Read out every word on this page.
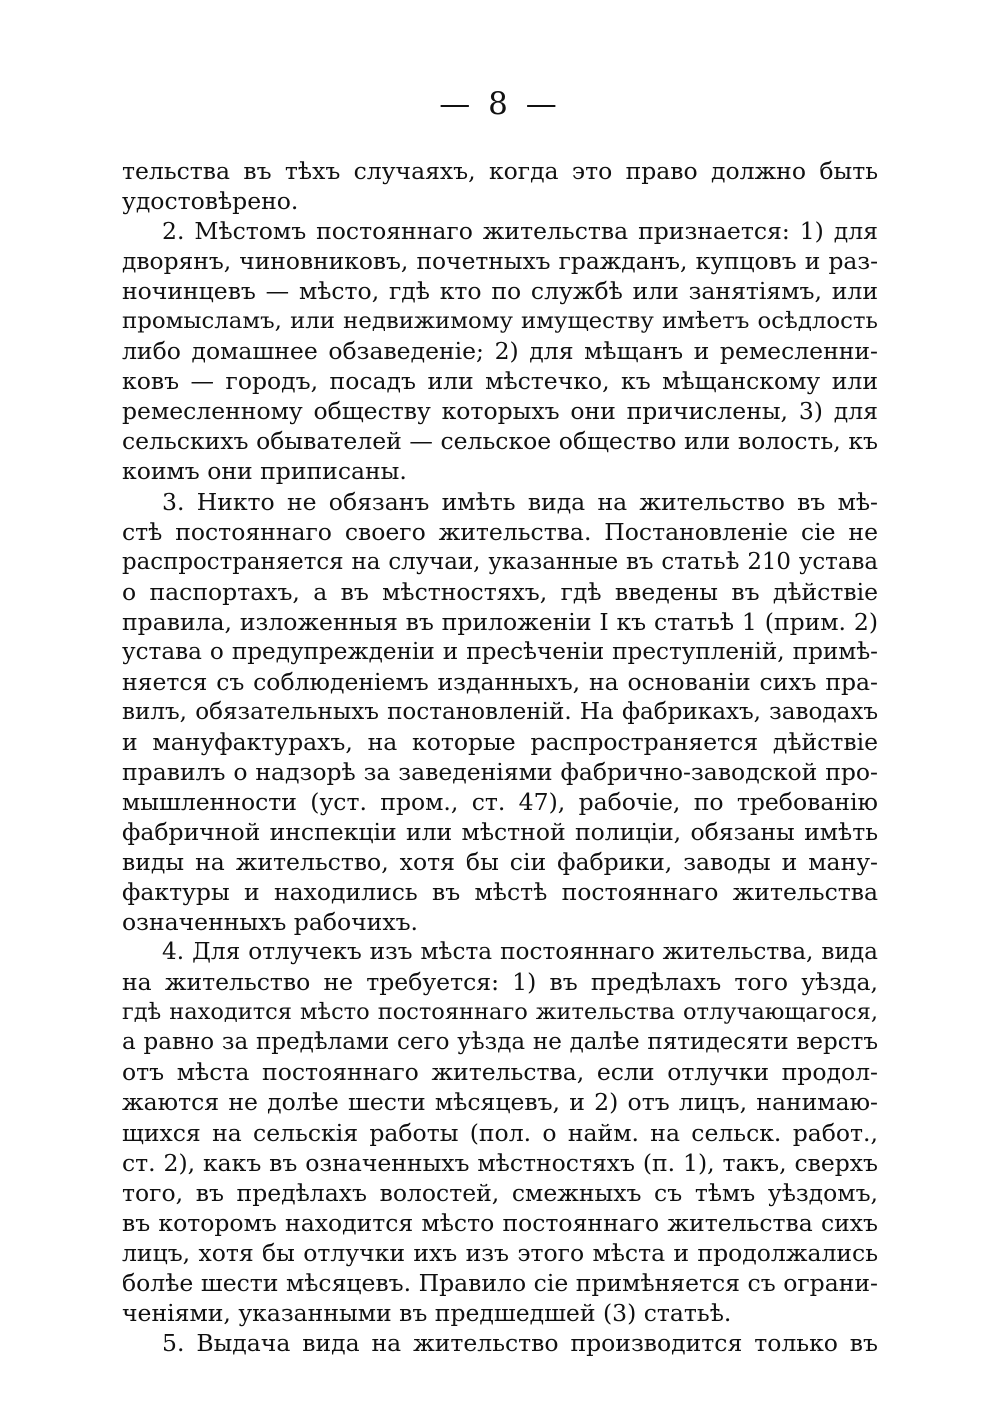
— 8 —
тельства въ тѣхъ случаяхъ, когда это право должно быть
удостовѣрено.
2. Мѣстомъ постояннаго жительства признается: 1) для
дворянъ, чиновниковъ, почетныхъ гражданъ, купцовъ и раз-
ночинцевъ — мѣсто, гдѣ кто по службѣ или занятіямъ, или
промысламъ, или недвижимому имуществу имѣетъ осѣдлость
либо домашнее обзаведеніе; 2) для мѣщанъ и ремесленни-
ковъ — городъ, посадъ или мѣстечко, къ мѣщанскому или
ремесленному обществу которыхъ они причислены, 3) для
сельскихъ обывателей — сельское общество или волость, къ
коимъ они приписаны.
3. Никто не обязанъ имѣть вида на жительство въ мѣ-
стѣ постояннаго своего жительства. Постановленіе сіе не
распространяется на случаи, указанные въ статьѣ 210 устава
о паспортахъ, а въ мѣстностяхъ, гдѣ введены въ дѣйствіе
правила, изложенныя въ приложеніи I къ статьѣ 1 (прим. 2)
устава о предупрежденіи и пресѣченіи преступленій, примѣ-
няется съ соблюденіемъ изданныхъ, на основаніи сихъ пра-
вилъ, обязательныхъ постановленій. На фабрикахъ, заводахъ
и мануфактурахъ, на которые распространяется дѣйствіе
правилъ о надзорѣ за заведеніями фабрично-заводской про-
мышленности (уст. пром., ст. 47), рабочіе, по требованію
фабричной инспекціи или мѣстной полиціи, обязаны имѣть
виды на жительство, хотя бы сіи фабрики, заводы и ману-
фактуры и находились въ мѣстѣ постояннаго жительства
означенныхъ рабочихъ.
4. Для отлучекъ изъ мѣста постояннаго жительства, вида
на жительство не требуется: 1) въ предѣлахъ того уѣзда,
гдѣ находится мѣсто постояннаго жительства отлучающагося,
а равно за предѣлами сего уѣзда не далѣе пятидесяти верстъ
отъ мѣста постояннаго жительства, если отлучки продол-
жаются не долѣе шести мѣсяцевъ, и 2) отъ лицъ, нанимаю-
щихся на сельскія работы (пол. о найм. на сельск. работ.,
ст. 2), какъ въ означенныхъ мѣстностяхъ (п. 1), такъ, сверхъ
того, въ предѣлахъ волостей, смежныхъ съ тѣмъ уѣздомъ,
въ которомъ находится мѣсто постояннаго жительства сихъ
лицъ, хотя бы отлучки ихъ изъ этого мѣста и продолжались
болѣе шести мѣсяцевъ. Правило сіе примѣняется съ ограни-
ченіями, указанными въ предшедшей (3) статьѣ.
5. Выдача вида на жительство производится только въ
